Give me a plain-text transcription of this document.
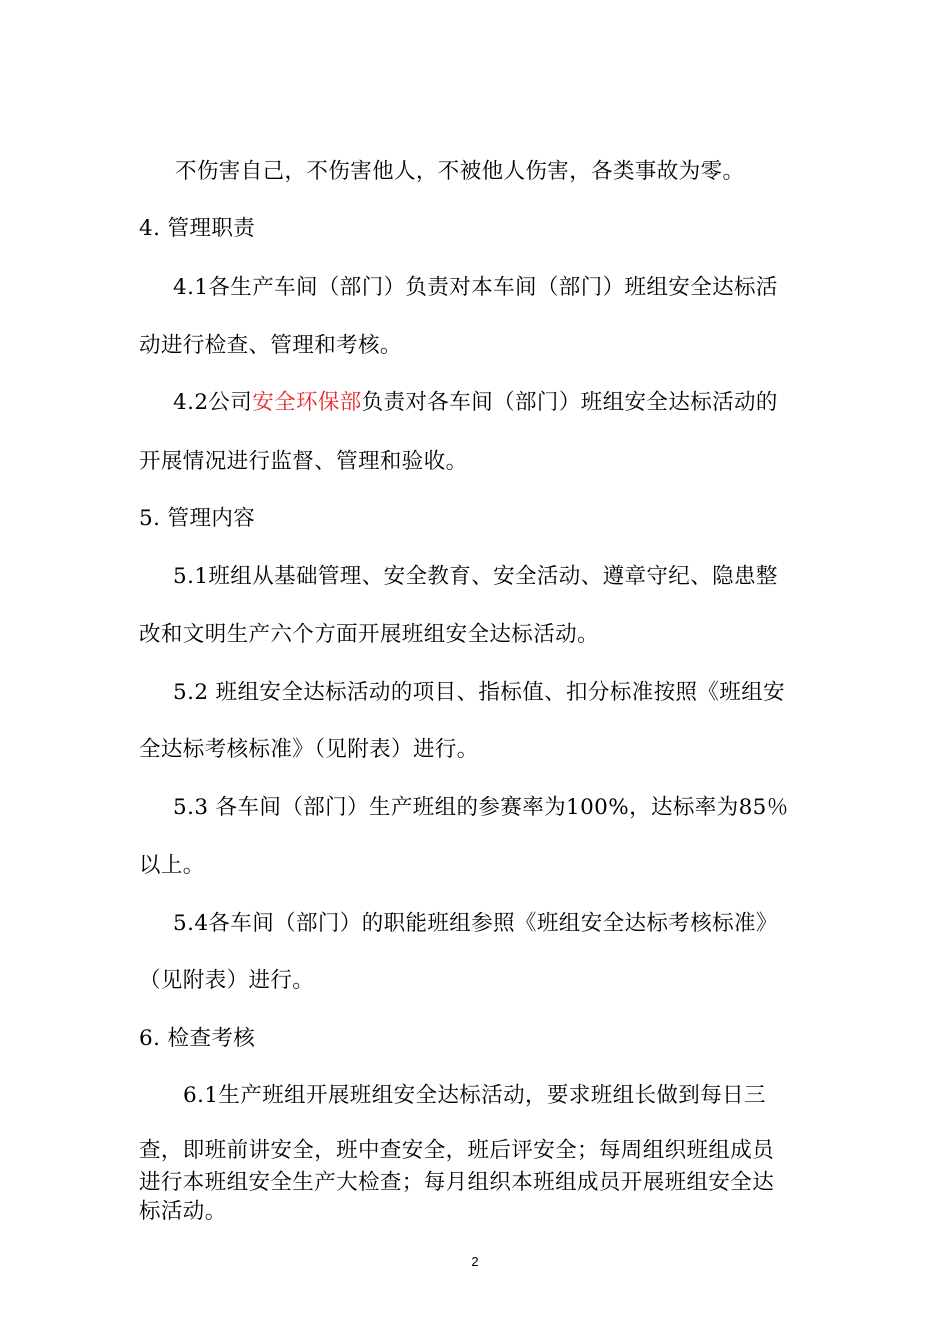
不伤害自己，不伤害他人，不被他人伤害，各类事故为零。
4. 管理职责
4.1各生产车间（部门）负责对本车间（部门）班组安全达标活
动进行检查、管理和考核。
4.2公司安全环保部负责对各车间（部门）班组安全达标活动的
开展情况进行监督、管理和验收。
5. 管理内容
5.1班组从基础管理、安全教育、安全活动、遵章守纪、隐患整
改和文明生产六个方面开展班组安全达标活动。
5.2 班组安全达标活动的项目、指标值、扣分标准按照《班组安
全达标考核标准》（见附表）进行。
5.3 各车间（部门）生产班组的参赛率为100%，达标率为85％
以上。
5.4各车间（部门）的职能班组参照《班组安全达标考核标准》
（见附表）进行。
6. 检查考核
6.1生产班组开展班组安全达标活动，要求班组长做到每日三
查，即班前讲安全，班中查安全，班后评安全；每周组织班组成员
进行本班组安全生产大检查；每月组织本班组成员开展班组安全达
标活动。
2
